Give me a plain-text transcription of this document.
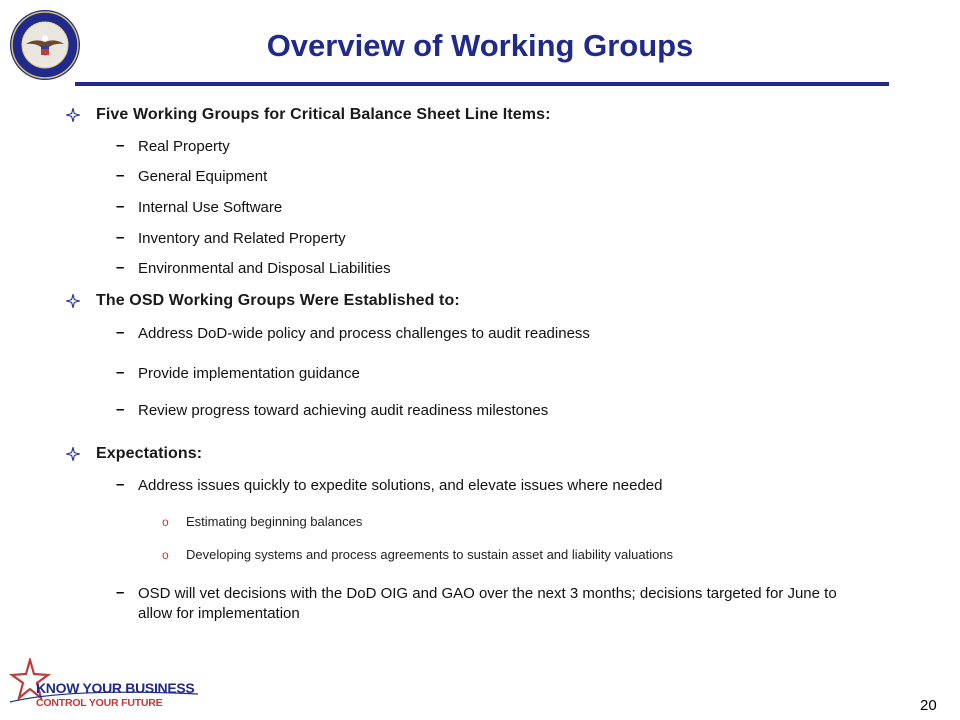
Overview of Working Groups
Five Working Groups for Critical Balance Sheet Line Items:
– Real Property
– General Equipment
– Internal Use Software
– Inventory and Related Property
– Environmental and Disposal Liabilities
The OSD Working Groups Were Established to:
– Address DoD-wide policy and process challenges to audit readiness
– Provide implementation guidance
– Review progress toward achieving audit readiness milestones
Expectations:
– Address issues quickly to expedite solutions, and elevate issues where needed
o Estimating beginning balances
o Developing systems and process agreements to sustain asset and liability valuations
– OSD will vet decisions with the DoD OIG and GAO over the next 3 months; decisions targeted for June to allow for implementation
KNOW YOUR BUSINESS
CONTROL YOUR FUTURE	20
